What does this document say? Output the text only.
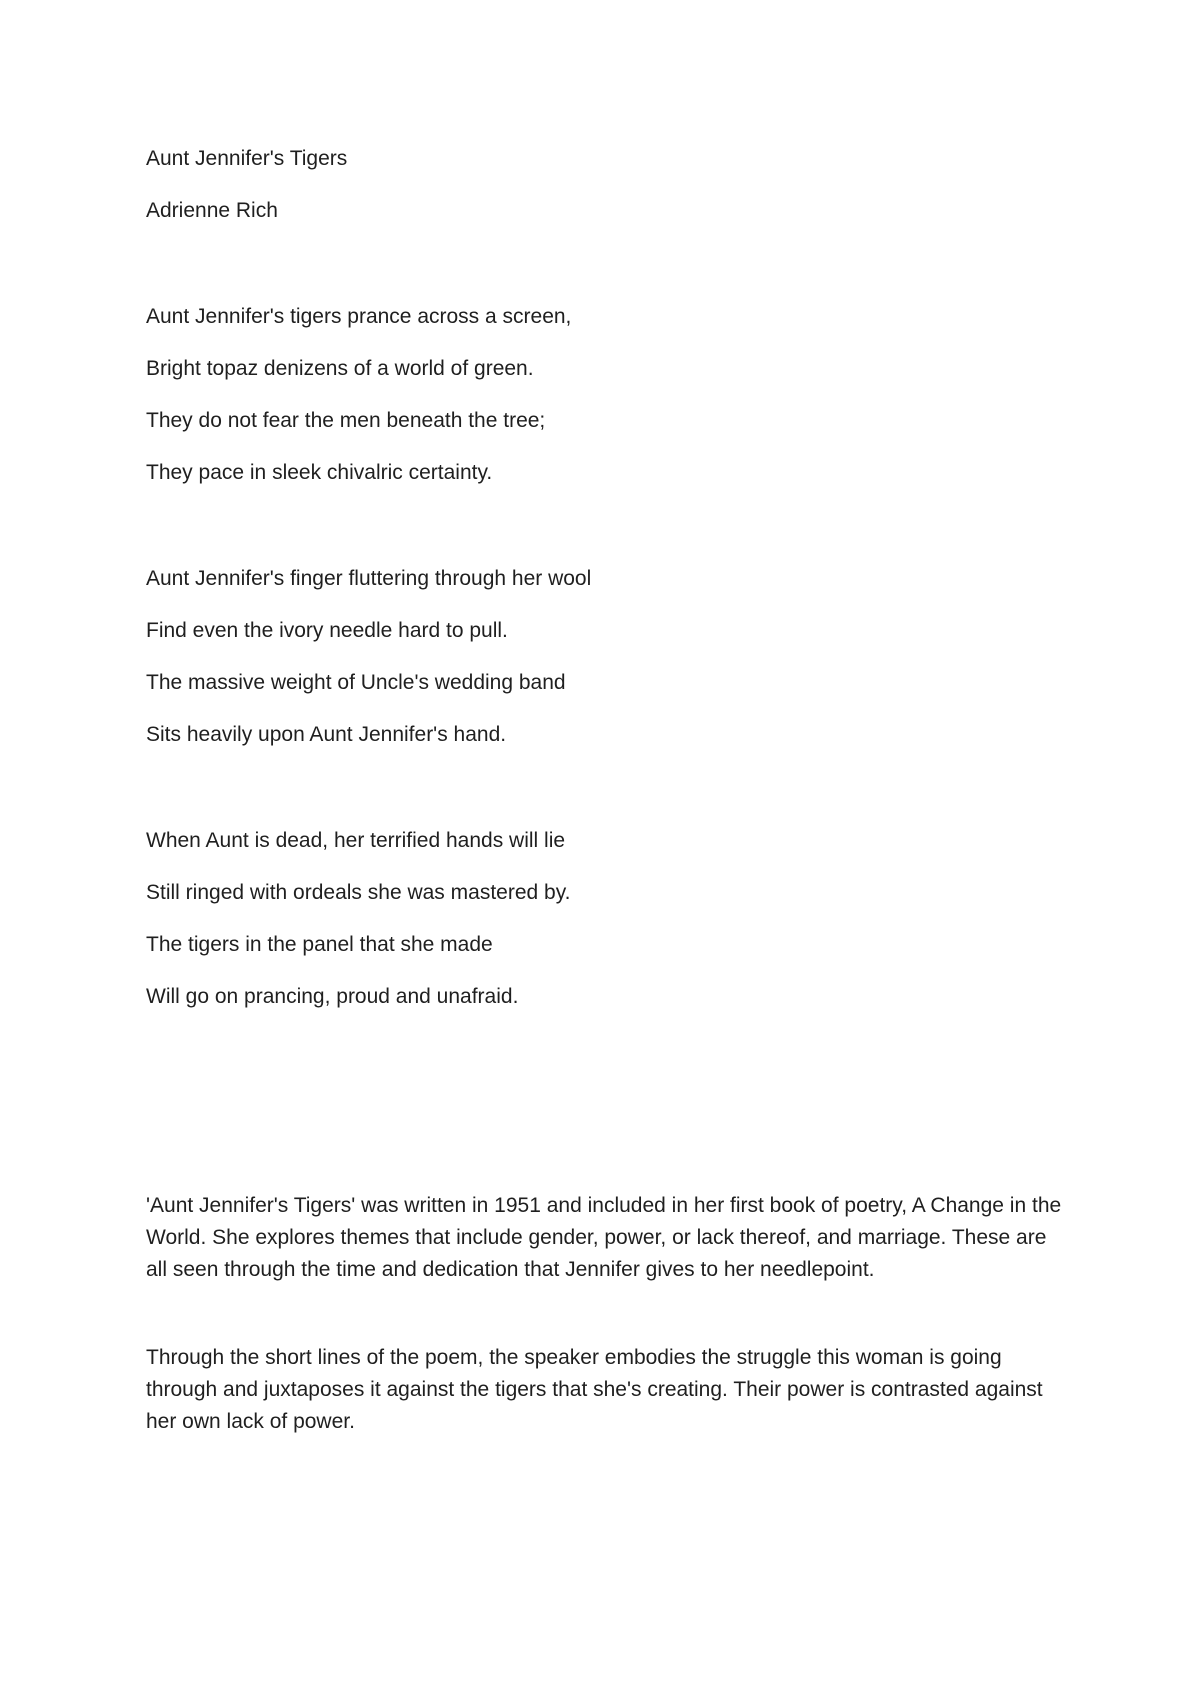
Aunt Jennifer's Tigers
Adrienne Rich
Aunt Jennifer's tigers prance across a screen,
Bright topaz denizens of a world of green.
They do not fear the men beneath the tree;
They pace in sleek chivalric certainty.
Aunt Jennifer's finger fluttering through her wool
Find even the ivory needle hard to pull.
The massive weight of Uncle's wedding band
Sits heavily upon Aunt Jennifer's hand.
When Aunt is dead, her terrified hands will lie
Still ringed with ordeals she was mastered by.
The tigers in the panel that she made
Will go on prancing, proud and unafraid.

'Aunt Jennifer's Tigers' was written in 1951 and included in her first book of poetry, A Change in the World. She explores themes that include gender, power, or lack thereof, and marriage. These are all seen through the time and dedication that Jennifer gives to her needlepoint.

Through the short lines of the poem, the speaker embodies the struggle this woman is going through and juxtaposes it against the tigers that she's creating. Their power is contrasted against her own lack of power.
